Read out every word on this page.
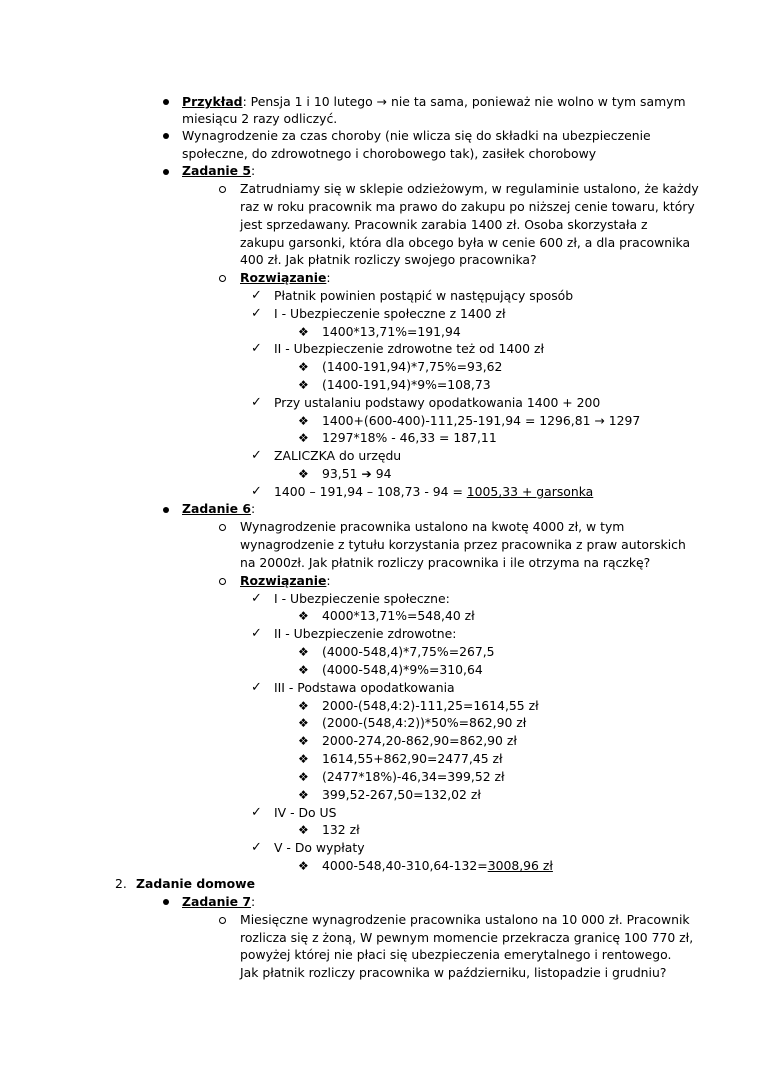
Przykład: Pensja 1 i 10 lutego → nie ta sama, ponieważ nie wolno w tym samym
miesiącu 2 razy odliczyć.
Wynagrodzenie za czas choroby (nie wlicza się do składki na ubezpieczenie
społeczne, do zdrowotnego i chorobowego tak), zasiłek chorobowy
Zadanie 5:
Zatrudniamy się w sklepie odzieżowym, w regulaminie ustalono, że każdy
raz w roku pracownik ma prawo do zakupu po niższej cenie towaru, który
jest sprzedawany. Pracownik zarabia 1400 zł. Osoba skorzystała z
zakupu garsonki, która dla obcego była w cenie 600 zł, a dla pracownika
400 zł. Jak płatnik rozliczy swojego pracownika?
Rozwiązanie:
✓ Płatnik powinien postąpić w następujący sposób
✓ I - Ubezpieczenie społeczne z 1400 zł
❖ 1400*13,71%=191,94
✓ II - Ubezpieczenie zdrowotne też od 1400 zł
❖ (1400-191,94)*7,75%=93,62
❖ (1400-191,94)*9%=108,73
✓ Przy ustalaniu podstawy opodatkowania 1400 + 200
❖ 1400+(600-400)-111,25-191,94 = 1296,81 → 1297
❖ 1297*18% - 46,33 = 187,11
✓ ZALICZKA do urzędu
❖ 93,51 ➔ 94
✓ 1400 – 191,94 – 108,73 - 94 = 1005,33 + garsonka
Zadanie 6:
Wynagrodzenie pracownika ustalono na kwotę 4000 zł, w tym
wynagrodzenie z tytułu korzystania przez pracownika z praw autorskich
na 2000zł. Jak płatnik rozliczy pracownika i ile otrzyma na rączkę?
Rozwiązanie:
✓ I - Ubezpieczenie społeczne:
❖ 4000*13,71%=548,40 zł
✓ II - Ubezpieczenie zdrowotne:
❖ (4000-548,4)*7,75%=267,5
❖ (4000-548,4)*9%=310,64
✓ III - Podstawa opodatkowania
❖ 2000-(548,4:2)-111,25=1614,55 zł
❖ (2000-(548,4:2))*50%=862,90 zł
❖ 2000-274,20-862,90=862,90 zł
❖ 1614,55+862,90=2477,45 zł
❖ (2477*18%)-46,34=399,52 zł
❖ 399,52-267,50=132,02 zł
✓ IV - Do US
❖ 132 zł
✓ V - Do wypłaty
❖ 4000-548,40-310,64-132=3008,96 zł
2. Zadanie domowe
Zadanie 7:
Miesięczne wynagrodzenie pracownika ustalono na 10 000 zł. Pracownik
rozlicza się z żoną, W pewnym momencie przekracza granicę 100 770 zł,
powyżej której nie płaci się ubezpieczenia emerytalnego i rentowego.
Jak płatnik rozliczy pracownika w październiku, listopadzie i grudniu?
